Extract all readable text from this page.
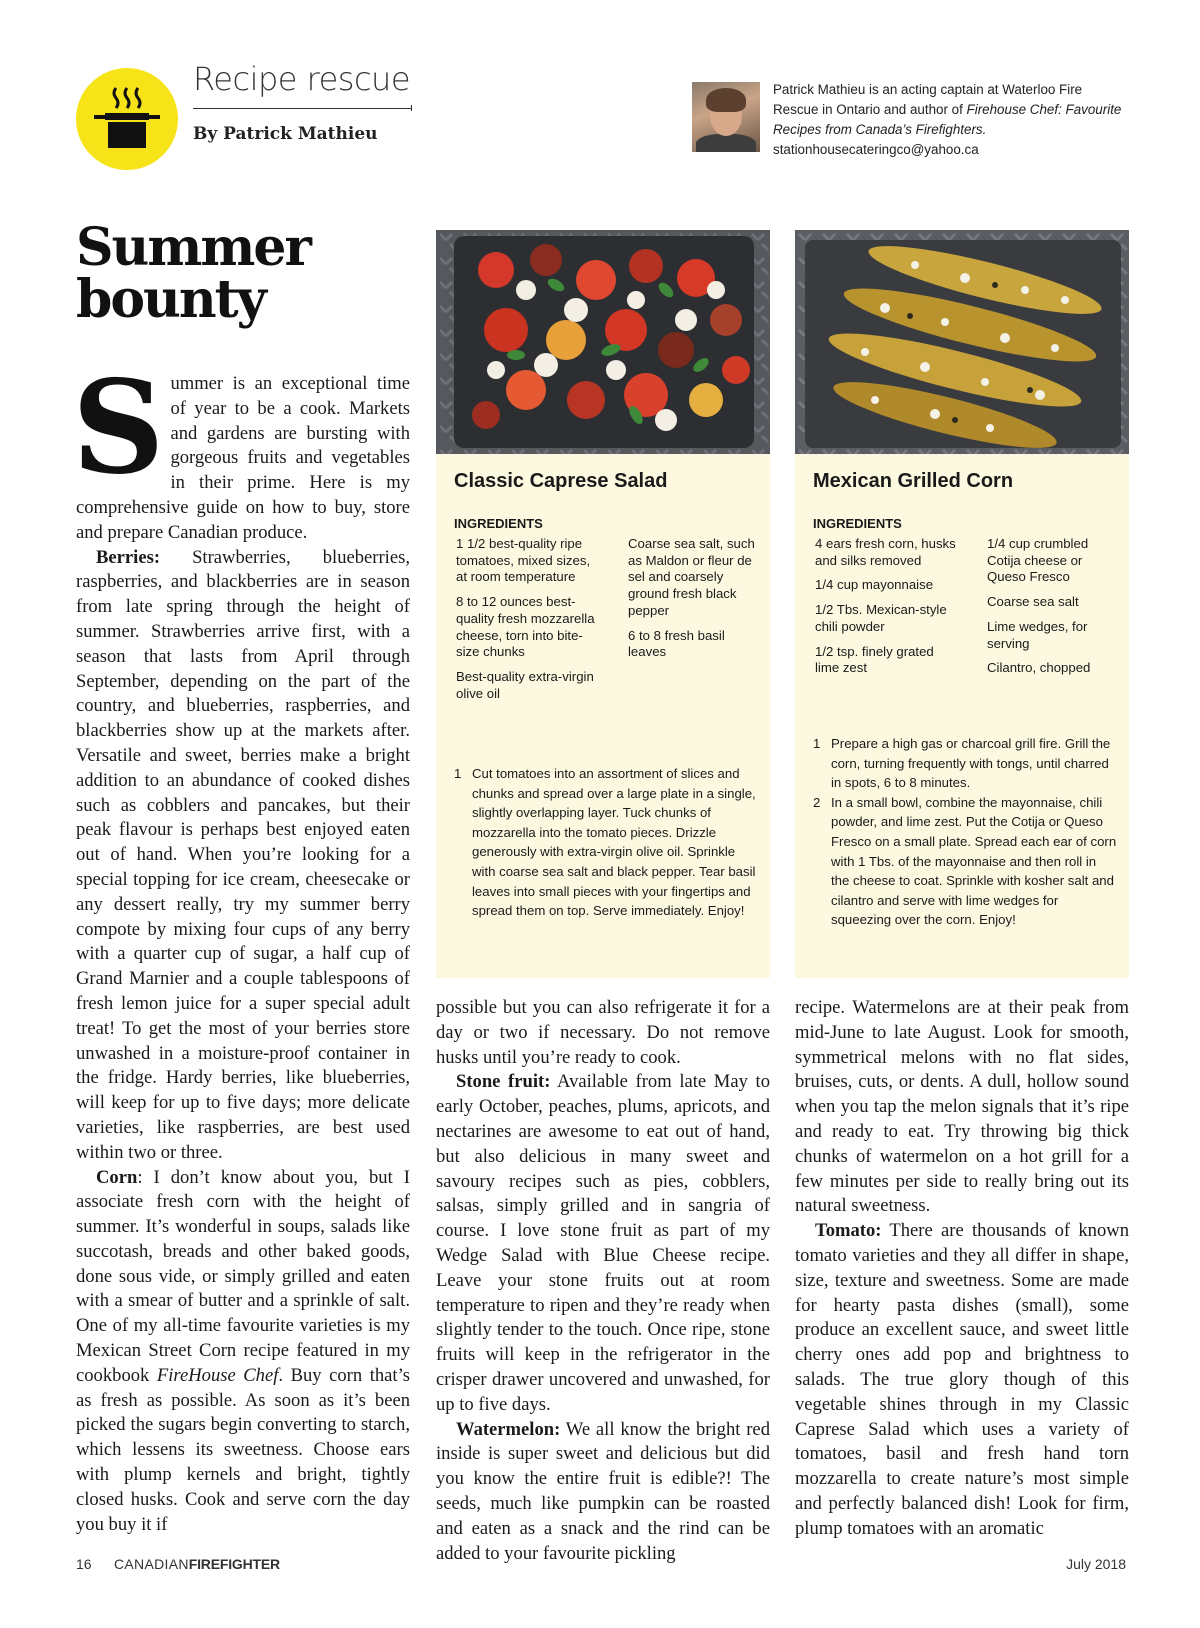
Recipe rescue
By Patrick Mathieu
Patrick Mathieu is an acting captain at Waterloo Fire Rescue in Ontario and author of Firehouse Chef: Favourite Recipes from Canada’s Firefighters.
stationhousecateringco@yahoo.ca
Summer
bounty

Summer is an exceptional time of year to be a cook. Markets and gardens are bursting with gorgeous fruits and vegetables in their prime. Here is my comprehensive guide on how to buy, store and prepare Canadian produce.

Berries: Strawberries, blueberries, raspberries, and blackberries are in season from late spring through the height of summer. Strawberries arrive first, with a season that lasts from April through September, depending on the part of the country, and blueberries, raspberries, and blackberries show up at the markets after. Versatile and sweet, berries make a bright addition to an abundance of cooked dishes such as cobblers and pancakes, but their peak flavour is perhaps best enjoyed eaten out of hand. When you’re looking for a special topping for ice cream, cheesecake or any dessert really, try my summer berry compote by mixing four cups of any berry with a quarter cup of sugar, a half cup of Grand Marnier and a couple tablespoons of fresh lemon juice for a super special adult treat! To get the most of your berries store unwashed in a moisture-proof container in the fridge. Hardy berries, like blueberries, will keep for up to five days; more delicate varieties, like raspberries, are best used within two or three.

Corn: I don’t know about you, but I associate fresh corn with the height of summer. It’s wonderful in soups, salads like succotash, breads and other baked goods, done sous vide, or simply grilled and eaten with a smear of butter and a sprinkle of salt. One of my all-time favourite varieties is my Mexican Street Corn recipe featured in my cookbook FireHouse Chef. Buy corn that’s as fresh as possible. As soon as it’s been picked the sugars begin converting to starch, which lessens its sweetness. Choose ears with plump kernels and bright, tightly closed husks. Cook and serve corn the day you buy it if

Classic Caprese Salad
INGREDIENTS
1 1/2 best-quality ripe tomatoes, mixed sizes, at room temperature
8 to 12 ounces best-quality fresh mozzarella cheese, torn into bite-size chunks
Best-quality extra-virgin olive oil
Coarse sea salt, such as Maldon or fleur de sel and coarsely ground fresh black pepper
6 to 8 fresh basil leaves
1 Cut tomatoes into an assortment of slices and chunks and spread over a large plate in a single, slightly overlapping layer. Tuck chunks of mozzarella into the tomato pieces. Drizzle generously with extra-virgin olive oil. Sprinkle with coarse sea salt and black pepper. Tear basil leaves into small pieces with your fingertips and spread them on top. Serve immediately. Enjoy!
Mexican Grilled Corn
INGREDIENTS
4 ears fresh corn, husks and silks removed
1/4 cup mayonnaise
1/2 Tbs. Mexican-style chili powder
1/2 tsp. finely grated lime zest
1/4 cup crumbled Cotija cheese or Queso Fresco
Coarse sea salt
Lime wedges, for serving
Cilantro, chopped
1 Prepare a high gas or charcoal grill fire. Grill the corn, turning frequently with tongs, until charred in spots, 6 to 8 minutes.
2 In a small bowl, combine the mayonnaise, chili powder, and lime zest. Put the Cotija or Queso Fresco on a small plate. Spread each ear of corn with 1 Tbs. of the mayonnaise and then roll in the cheese to coat. Sprinkle with kosher salt and cilantro and serve with lime wedges for squeezing over the corn. Enjoy!

possible but you can also refrigerate it for a day or two if necessary. Do not remove husks until you’re ready to cook.

Stone fruit: Available from late May to early October, peaches, plums, apricots, and nectarines are awesome to eat out of hand, but also delicious in many sweet and savoury recipes such as pies, cobblers, salsas, simply grilled and in sangria of course. I love stone fruit as part of my Wedge Salad with Blue Cheese recipe. Leave your stone fruits out at room temperature to ripen and they’re ready when slightly tender to the touch. Once ripe, stone fruits will keep in the refrigerator in the crisper drawer uncovered and unwashed, for up to five days.

Watermelon: We all know the bright red inside is super sweet and delicious but did you know the entire fruit is edible?! The seeds, much like pumpkin can be roasted and eaten as a snack and the rind can be added to your favourite pickling

recipe. Watermelons are at their peak from mid-June to late August. Look for smooth, symmetrical melons with no flat sides, bruises, cuts, or dents. A dull, hollow sound when you tap the melon signals that it’s ripe and ready to eat. Try throwing big thick chunks of watermelon on a hot grill for a few minutes per side to really bring out its natural sweetness.

Tomato: There are thousands of known tomato varieties and they all differ in shape, size, texture and sweetness. Some are made for hearty pasta dishes (small), some produce an excellent sauce, and sweet little cherry ones add pop and brightness to salads. The true glory though of this vegetable shines through in my Classic Caprese Salad which uses a variety of tomatoes, basil and fresh hand torn mozzarella to create nature’s most simple and perfectly balanced dish! Look for firm, plump tomatoes with an aromatic

16 CANADIANFIREFIGHTER	July 2018
